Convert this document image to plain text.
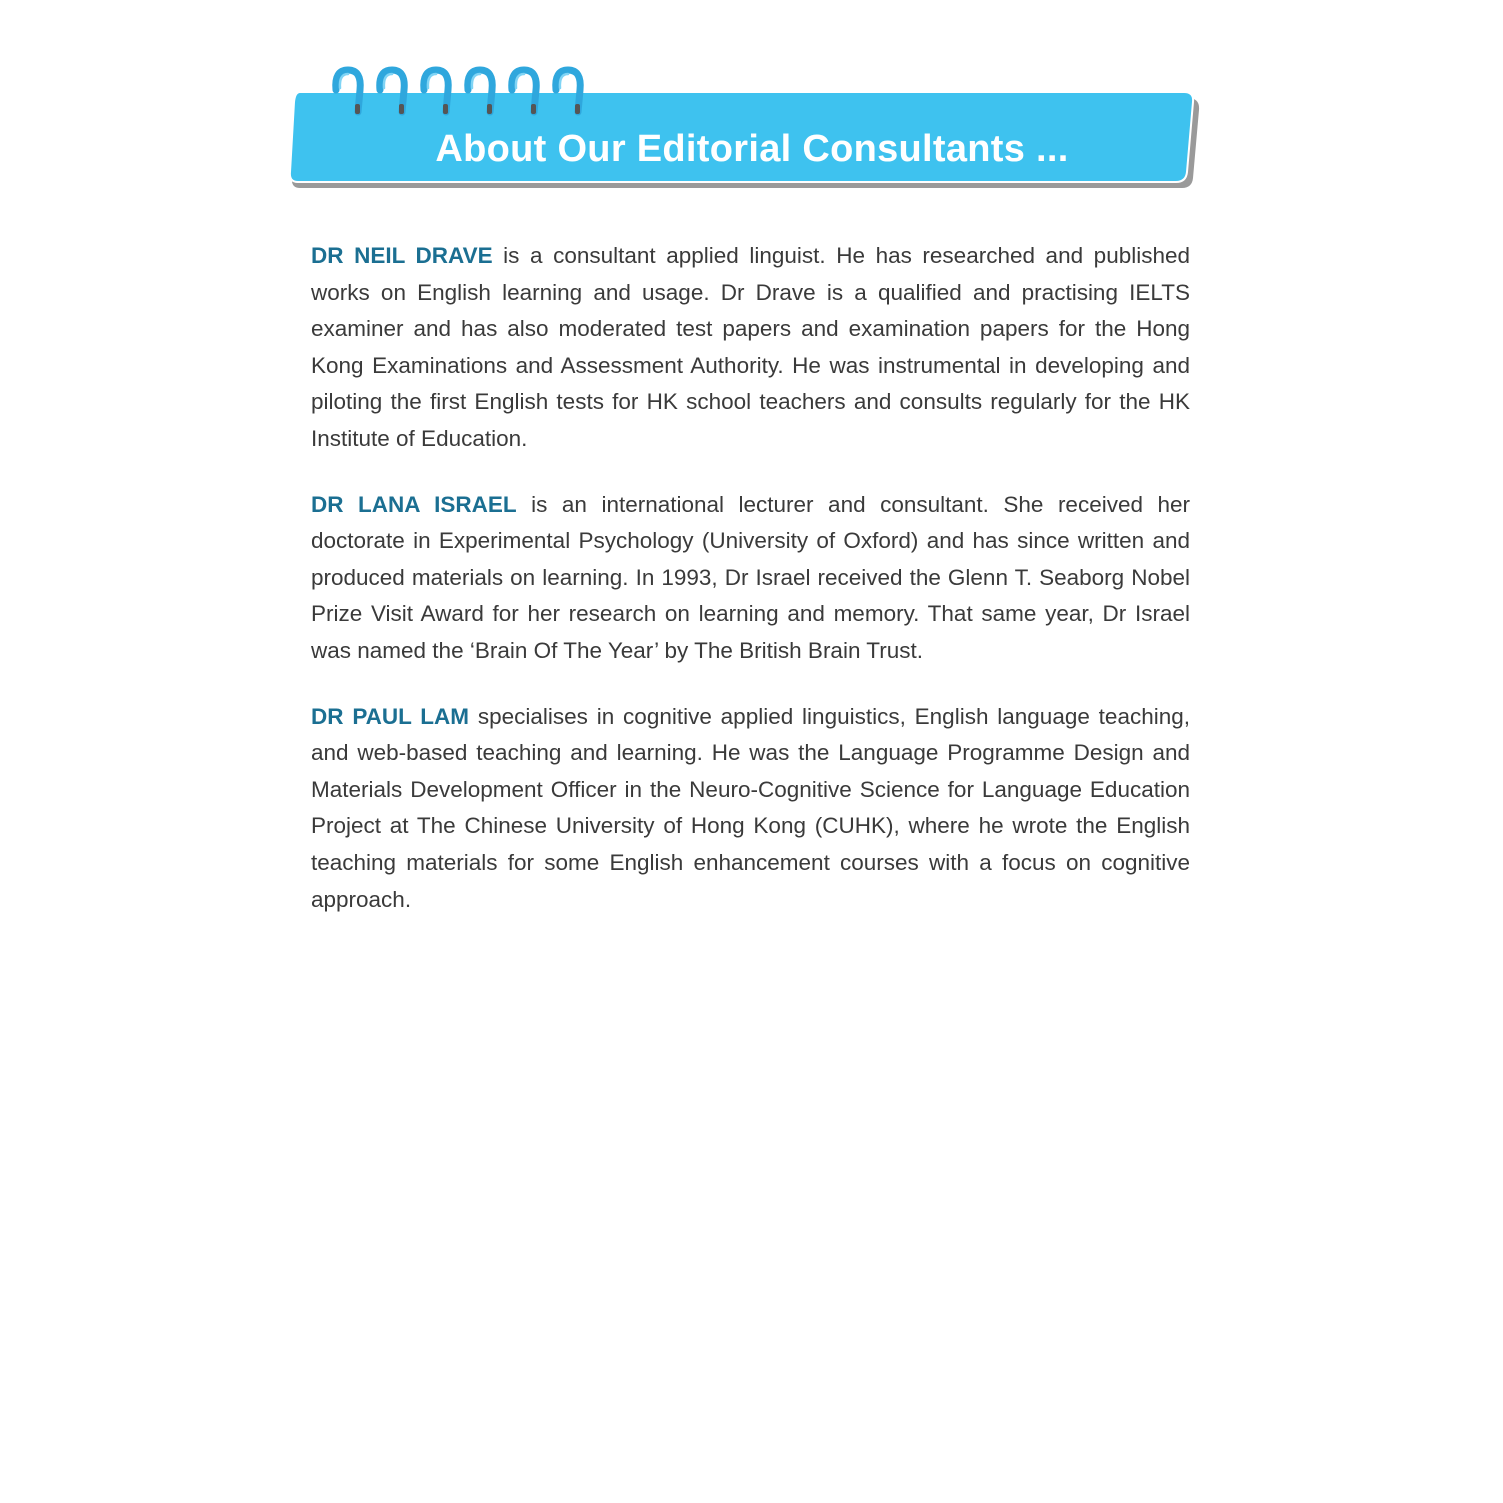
About Our Editorial Consultants ...

DR NEIL DRAVE is a consultant applied linguist. He has researched and published works on English learning and usage. Dr Drave is a qualified and practising IELTS examiner and has also moderated test papers and examination papers for the Hong Kong Examinations and Assessment Authority. He was instrumental in developing and piloting the first English tests for HK school teachers and consults regularly for the HK Institute of Education.

DR LANA ISRAEL is an international lecturer and consultant. She received her doctorate in Experimental Psychology (University of Oxford) and has since written and produced materials on learning. In 1993, Dr Israel received the Glenn T. Seaborg Nobel Prize Visit Award for her research on learning and memory. That same year, Dr Israel was named the ‘Brain Of The Year’ by The British Brain Trust.

DR PAUL LAM specialises in cognitive applied linguistics, English language teaching, and web-based teaching and learning. He was the Language Programme Design and Materials Development Officer in the Neuro-Cognitive Science for Language Education Project at The Chinese University of Hong Kong (CUHK), where he wrote the English teaching materials for some English enhancement courses with a focus on cognitive approach.
